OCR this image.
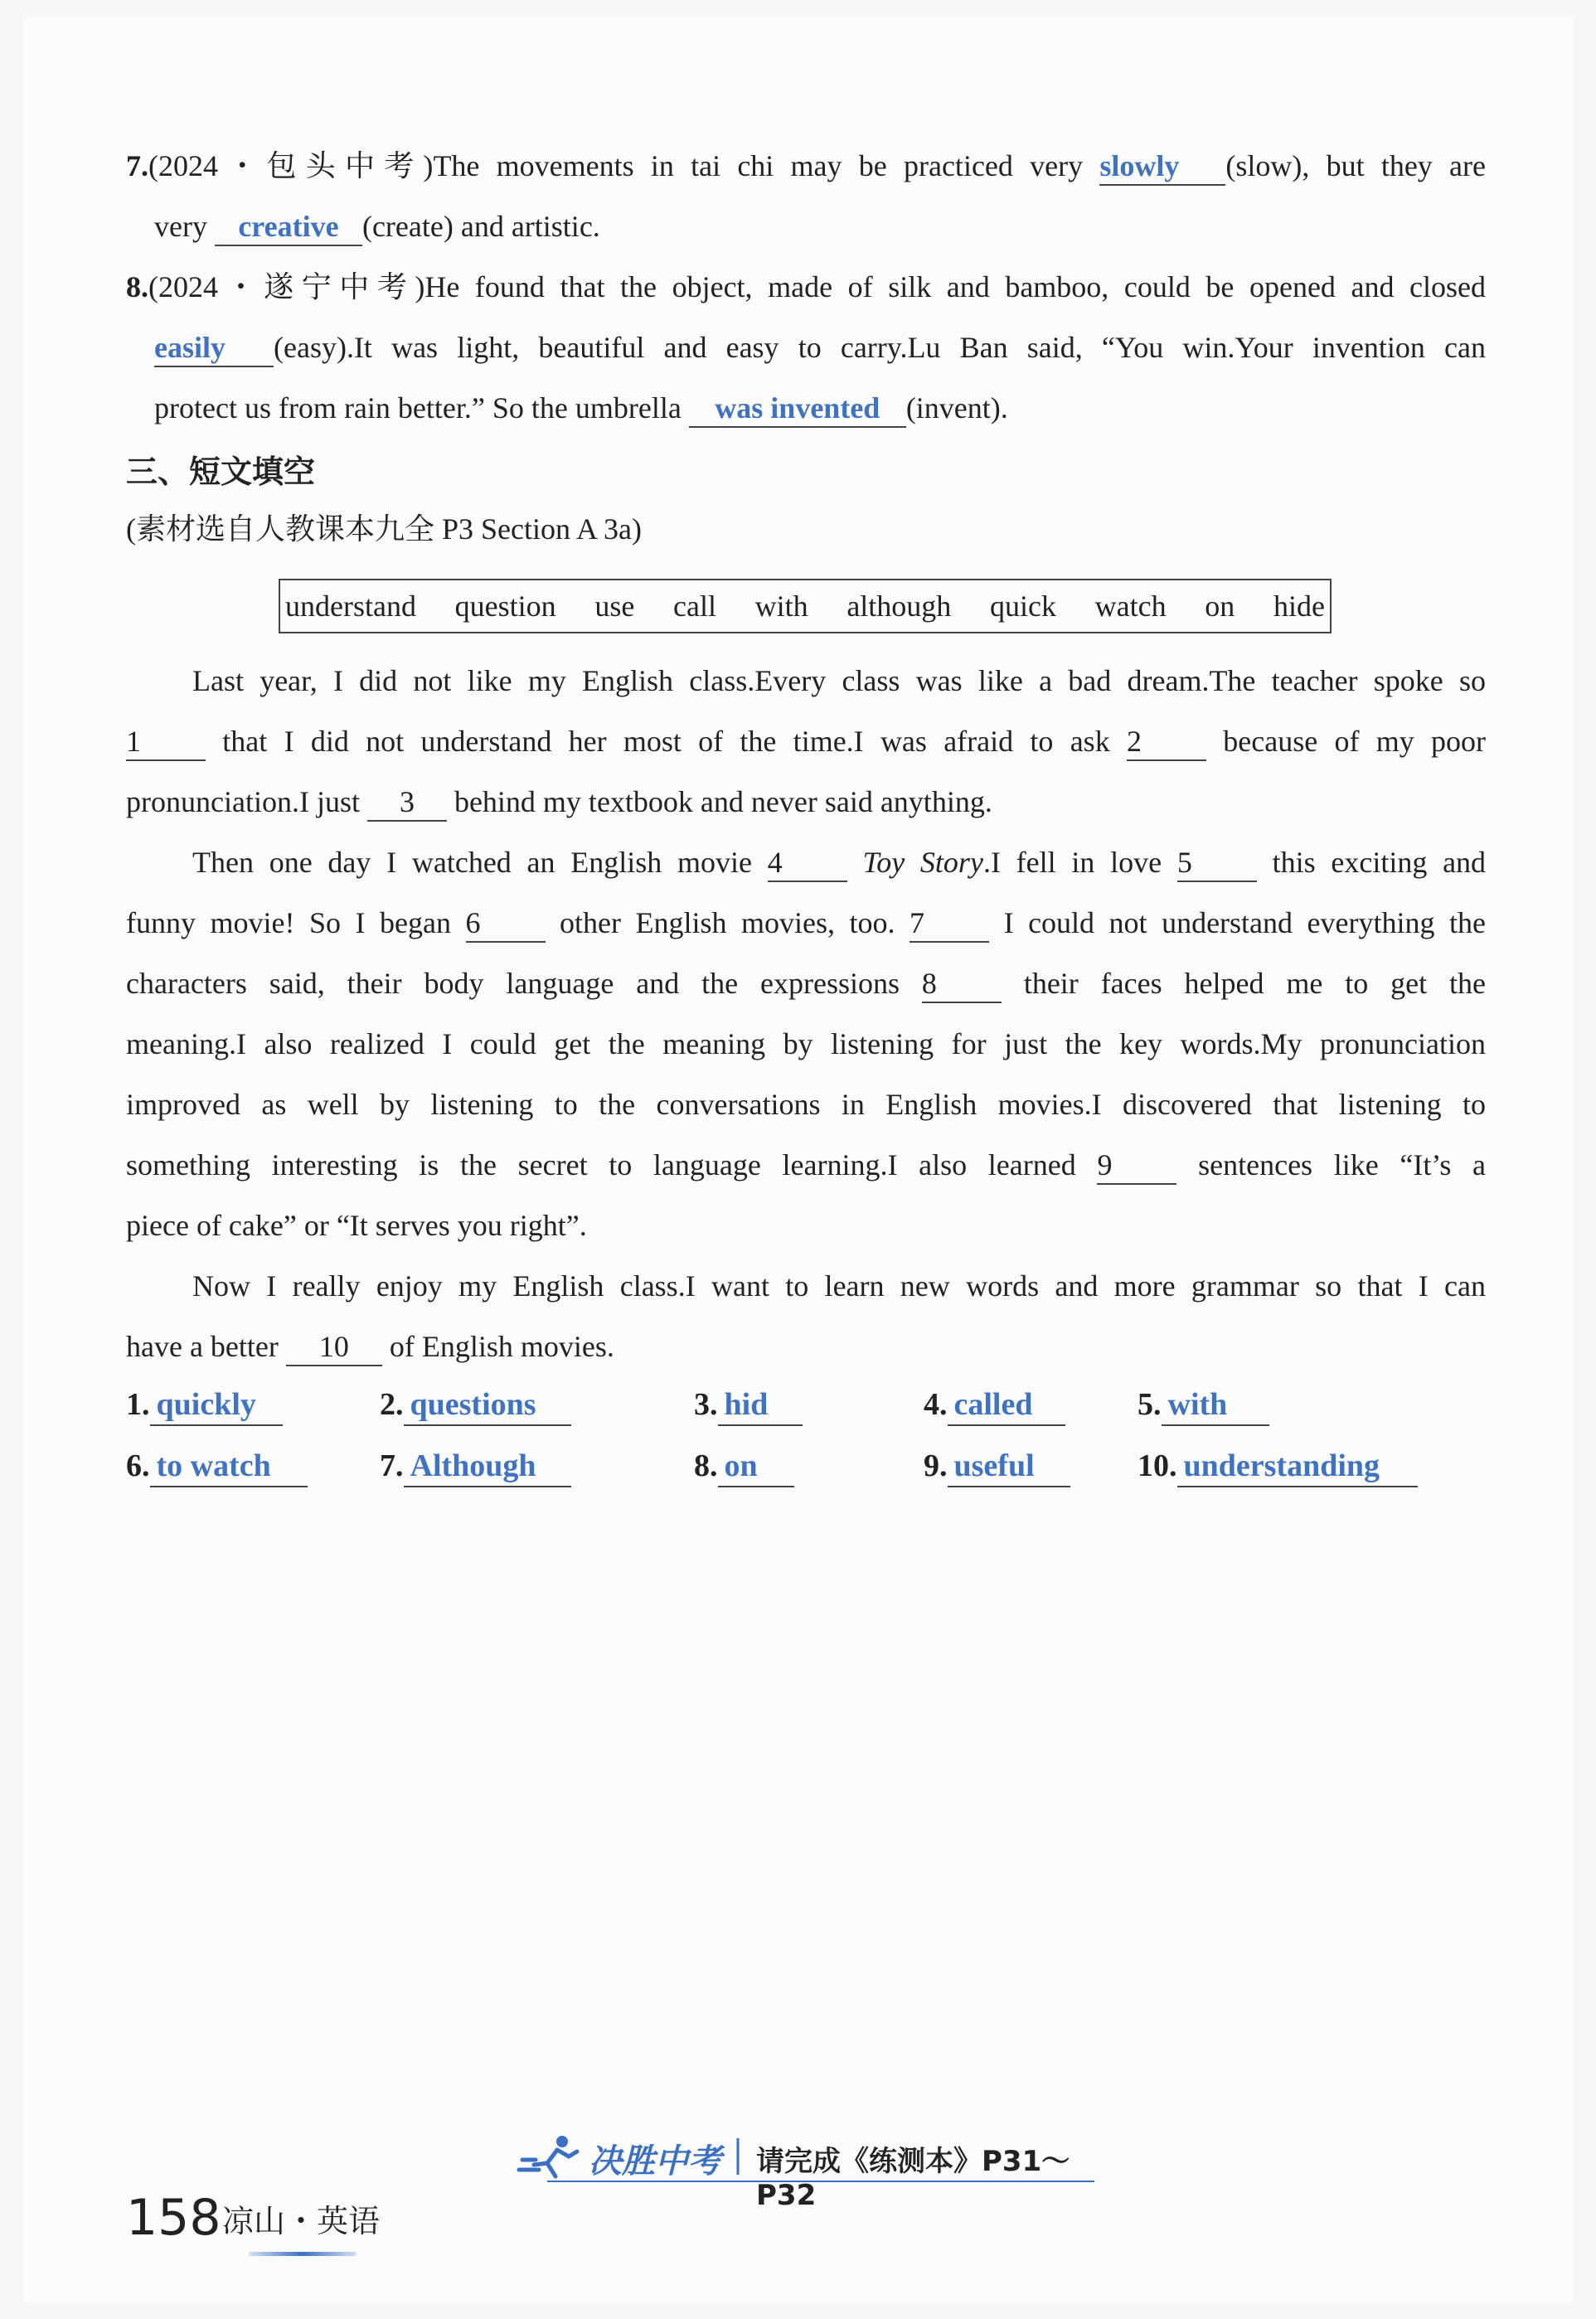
7.(2024・包头中考)The movements in tai chi may be practiced very slowly (slow), but they are
very creative (create) and artistic.
8.(2024・遂宁中考)He found that the object, made of silk and bamboo, could be opened and closed
easily (easy).It was light, beautiful and easy to carry.Lu Ban said, “You win.Your invention can
protect us from rain better.” So the umbrella was invented (invent).
三、短文填空
(素材选自人教课本九全 P3 Section A 3a)
understand question use call with although quick watch on hide
Last year, I did not like my English class.Every class was like a bad dream.The teacher spoke so
1	that I did not understand her most of the time.I was afraid to ask 2	because of my poor
pronunciation.I just 3 behind my textbook and never said anything.
Then one day I watched an English movie 4	Toy Story.I fell in love 5	this exciting and
funny movie! So I began 6	other English movies, too. 7	I could not understand everything the
characters said, their body language and the expressions 8	their faces helped me to get the
meaning.I also realized I could get the meaning by listening for just the key words.My pronunciation
improved as well by listening to the conversations in English movies.I discovered that listening to
something interesting is the secret to language learning.I also learned 9	sentences like “It’s a
piece of cake” or “It serves you right”.
Now I really enjoy my English class.I want to learn new words and more grammar so that I can
have a better 10 of English movies.
1. quickly	2. questions	3. hid	4. called	5. with
6. to watch	7. Although	8. on	9. useful	10. understanding
决胜中考 请完成《练测本》P31～P32
158 凉山・英语
